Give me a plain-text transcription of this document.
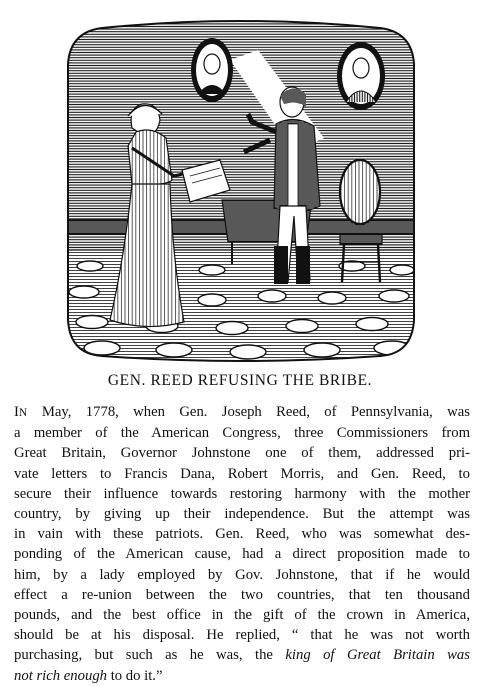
GEN. REED REFUSING THE BRIBE.
IN May, 1778, when Gen. Joseph Reed, of Pennsylvania, was
a member of the American Congress, three Commissioners from
Great Britain, Governor Johnstone one of them, addressed pri-
vate letters to Francis Dana, Robert Morris, and Gen. Reed, to
secure their influence towards restoring harmony with the mother
country, by giving up their independence. But the attempt was
in vain with these patriots. Gen. Reed, who was somewhat des-
ponding of the American cause, had a direct proposition made to
him, by a lady employed by Gov. Johnstone, that if he would
effect a re-union between the two countries, that ten thousand
pounds, and the best office in the gift of the crown in America,
should be at his disposal. He replied, “ that he was not worth
purchasing, but such as he was, the king of Great Britain was
not rich enough to do it.”
